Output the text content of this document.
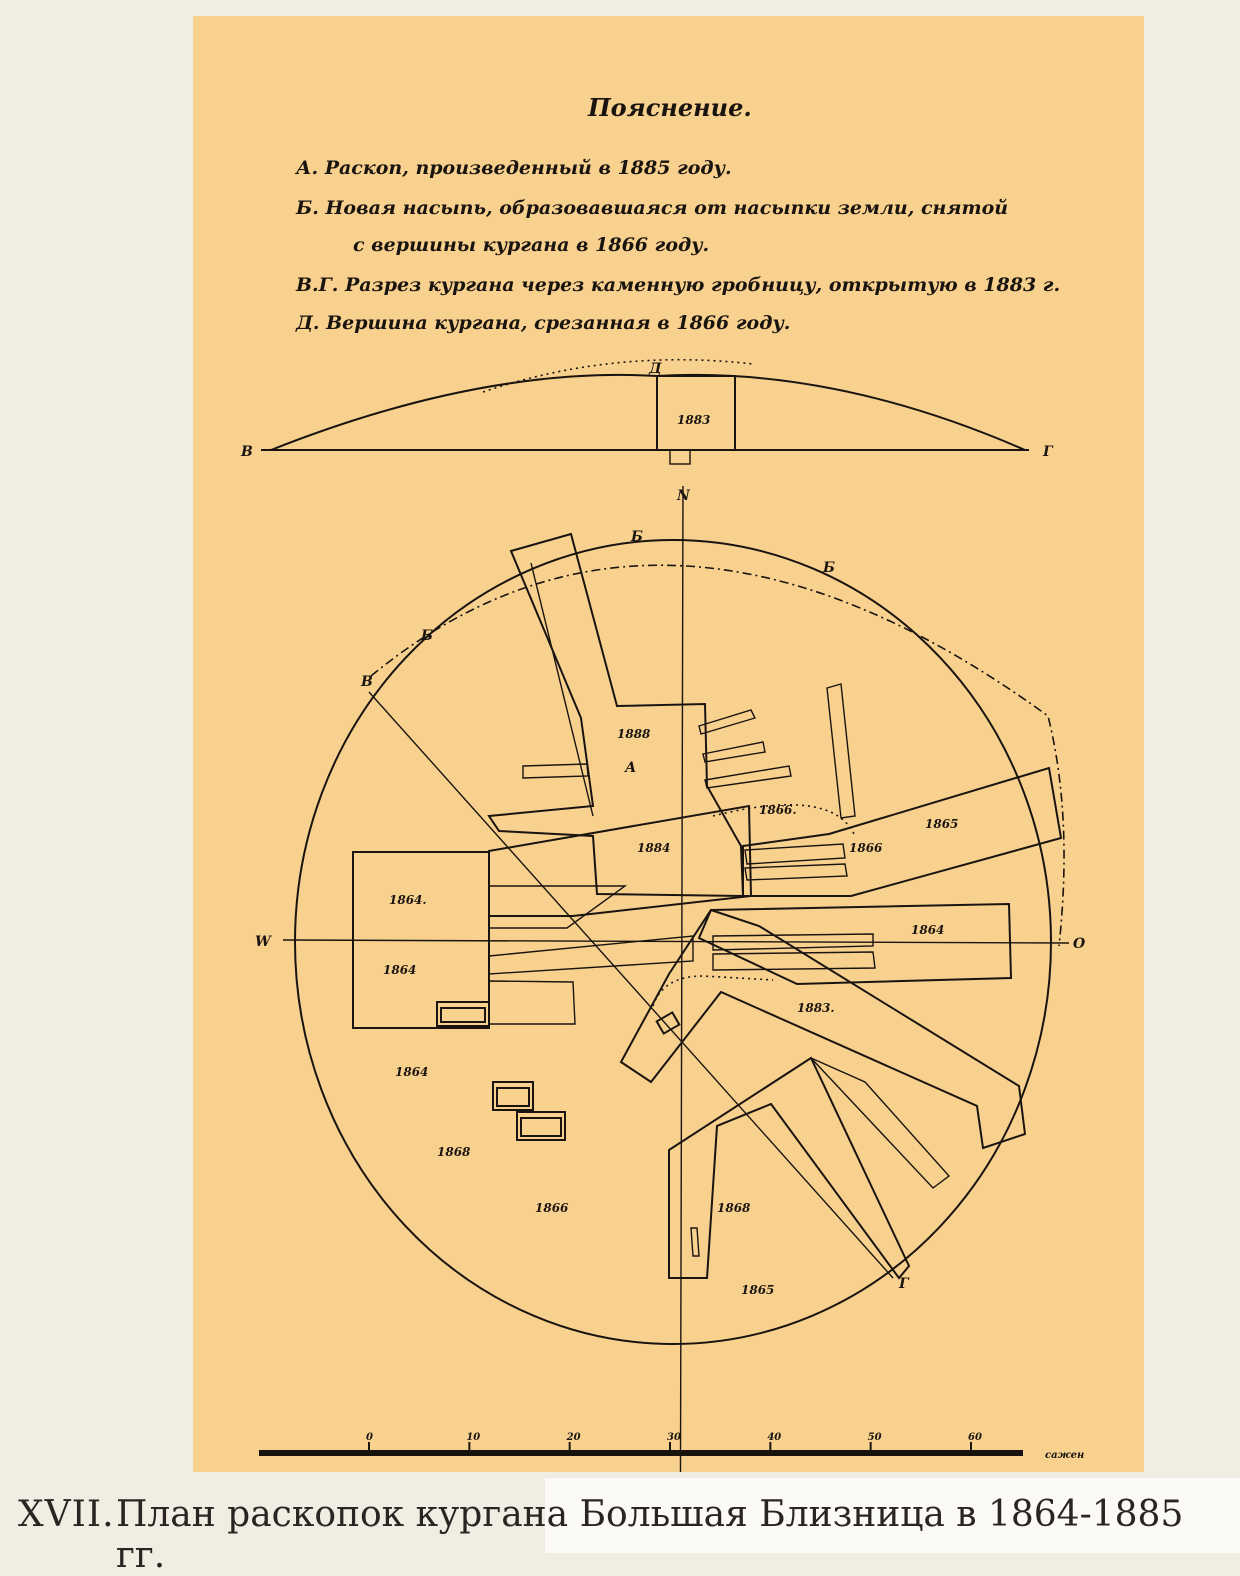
Пояснение.
А. Раскоп, произведенный в 1885 году.
Б. Новая насыпь, образовавшаяся от насыпки земли, снятой
с вершины кургана в 1866 году.
В.Г. Разрез кургана через каменную гробницу, открытую в 1883 г.
Д. Вершина кургана, срезанная в 1866 году.
1883
В
Д
Г
N
W	O
Б
Б
Б
В
Г
А
1888
1866.
1865
1884	1866
1864.
1864
1864
1883.
1864
1868
1866	1868
1865
0	10	20	30	40	50	60
сажен
XVII. План раскопок кургана Большая Близница в 1864-1885 гг.
